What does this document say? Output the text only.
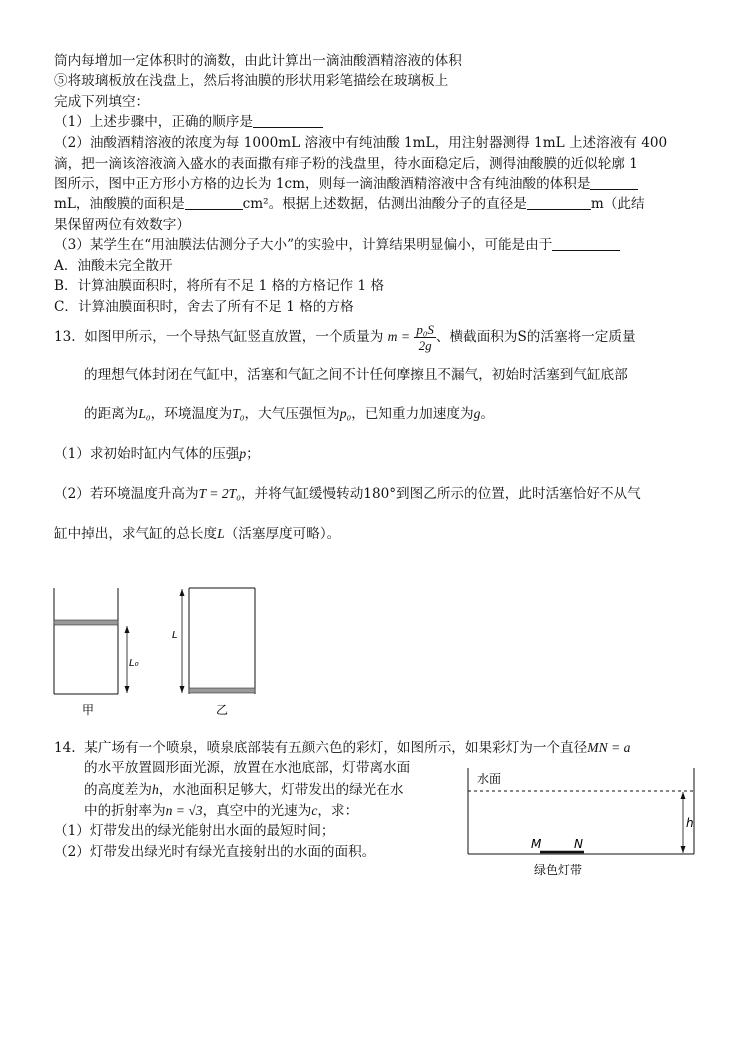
筒内每增加一定体积时的滴数，由此计算出一滴油酸酒精溶液的体积
⑤将玻璃板放在浅盘上，然后将油膜的形状用彩笔描绘在玻璃板上
完成下列填空：
（1）上述步骤中，正确的顺序是
（2）油酸酒精溶液的浓度为每 1000mL 溶液中有纯油酸 1mL，用注射器测得 1mL 上述溶液有 400
滴，把一滴该溶液滴入盛水的表面撒有痱子粉的浅盘里，待水面稳定后，测得油酸膜的近似轮廓 1
图所示，图中正方形小方格的边长为 1cm，则每一滴油酸酒精溶液中含有纯油酸的体积是
mL，油酸膜的面积是	cm²。根据上述数据，估测出油酸分子的直径是	m（此结
果保留两位有效数字）
（3）某学生在“用油膜法估测分子大小”的实验中，计算结果明显偏小，可能是由于
A．油酸未完全散开
B．计算油膜面积时，将所有不足 1 格的方格记作 1 格
C．计算油膜面积时，舍去了所有不足 1 格的方格
13. 如图甲所示，一个导热气缸竖直放置，一个质量为 $m = \frac{\text{p₀S}}{2g}$ 、横截面积为S的活塞将一定质量
的理想气体封闭在气缸中，活塞和气缸之间不计任何摩擦且不漏气，初始时活塞到气缸底部
的距离为L₀，环境温度为T₀，大气压强恒为p₀，已知重力加速度为g。
（1）求初始时缸内气体的压强p；
（2）若环境温度升高为T = 2T₀，并将气缸缓慢转动180°到图乙所示的位置，此时活塞恰好不从气
缸中掉出，求气缸的总长度L（活塞厚度可略）。
L₀
L
甲	乙
14. 某广场有一个喷泉，喷泉底部装有五颜六色的彩灯，如图所示，如果彩灯为一个直径MN = a
的水平放置圆形面光源，放置在水池底部，灯带离水面
的高度差为h，水池面积足够大，灯带发出的绿光在水
中的折射率为n = √3，真空中的光速为c，求：
（1）灯带发出的绿光能射出水面的最短时间；
（2）灯带发出绿光时有绿光直接射出的水面的面积。
水面
h
M	N
绿色灯带
